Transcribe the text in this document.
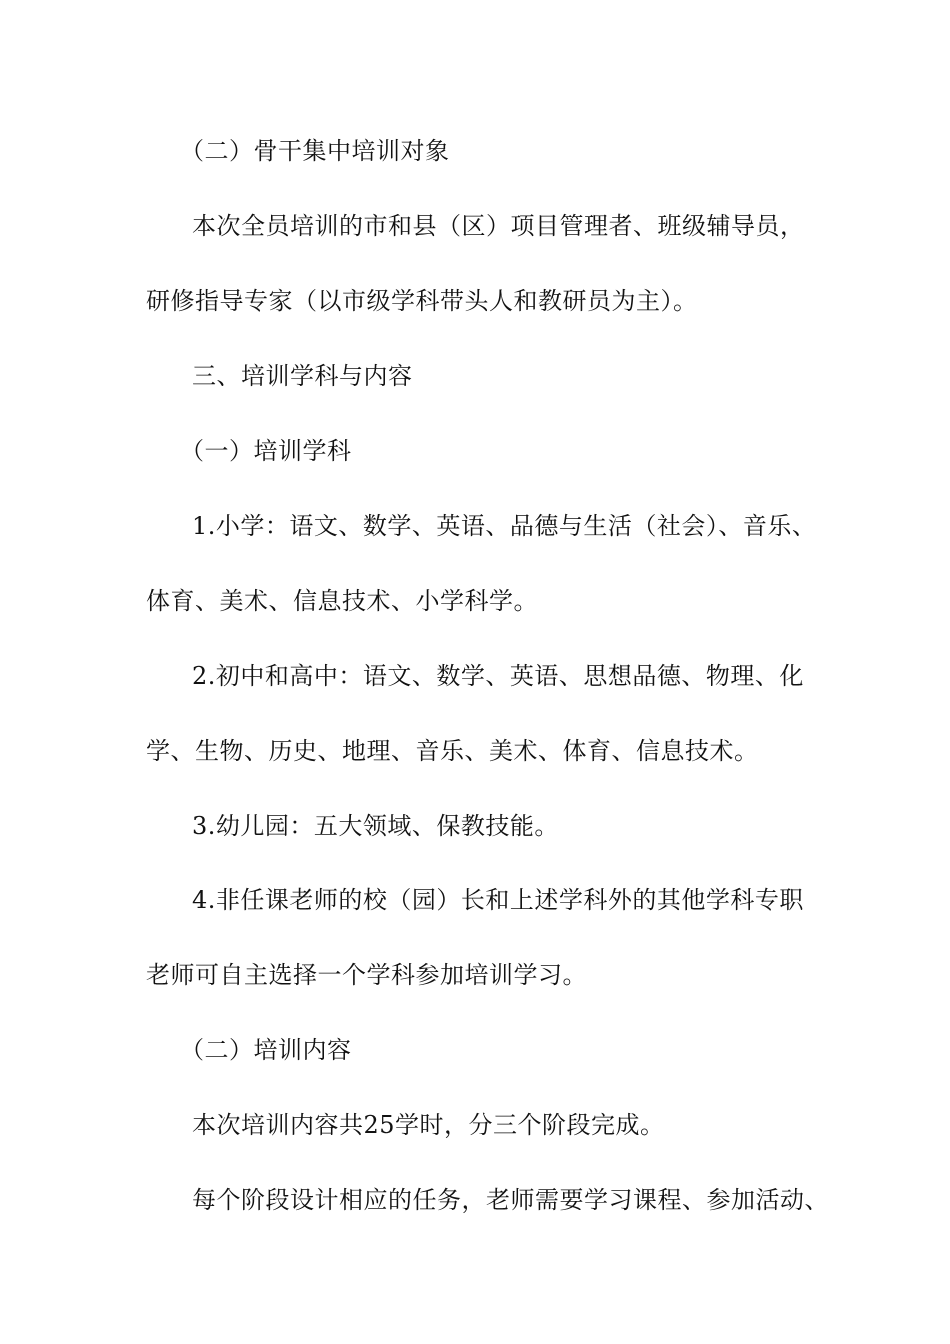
（二）骨干集中培训对象
本次全员培训的市和县（区）项目管理者、班级辅导员，
研修指导专家（以市级学科带头人和教研员为主）。
三、培训学科与内容
（一）培训学科
1.小学：语文、数学、英语、品德与生活（社会）、音乐、
体育、美术、信息技术、小学科学。
2.初中和高中：语文、数学、英语、思想品德、物理、化
学、生物、历史、地理、音乐、美术、体育、信息技术。
3.幼儿园：五大领域、保教技能。
4.非任课老师的校（园）长和上述学科外的其他学科专职
老师可自主选择一个学科参加培训学习。
（二）培训内容
本次培训内容共25学时，分三个阶段完成。
每个阶段设计相应的任务，老师需要学习课程、参加活动、
